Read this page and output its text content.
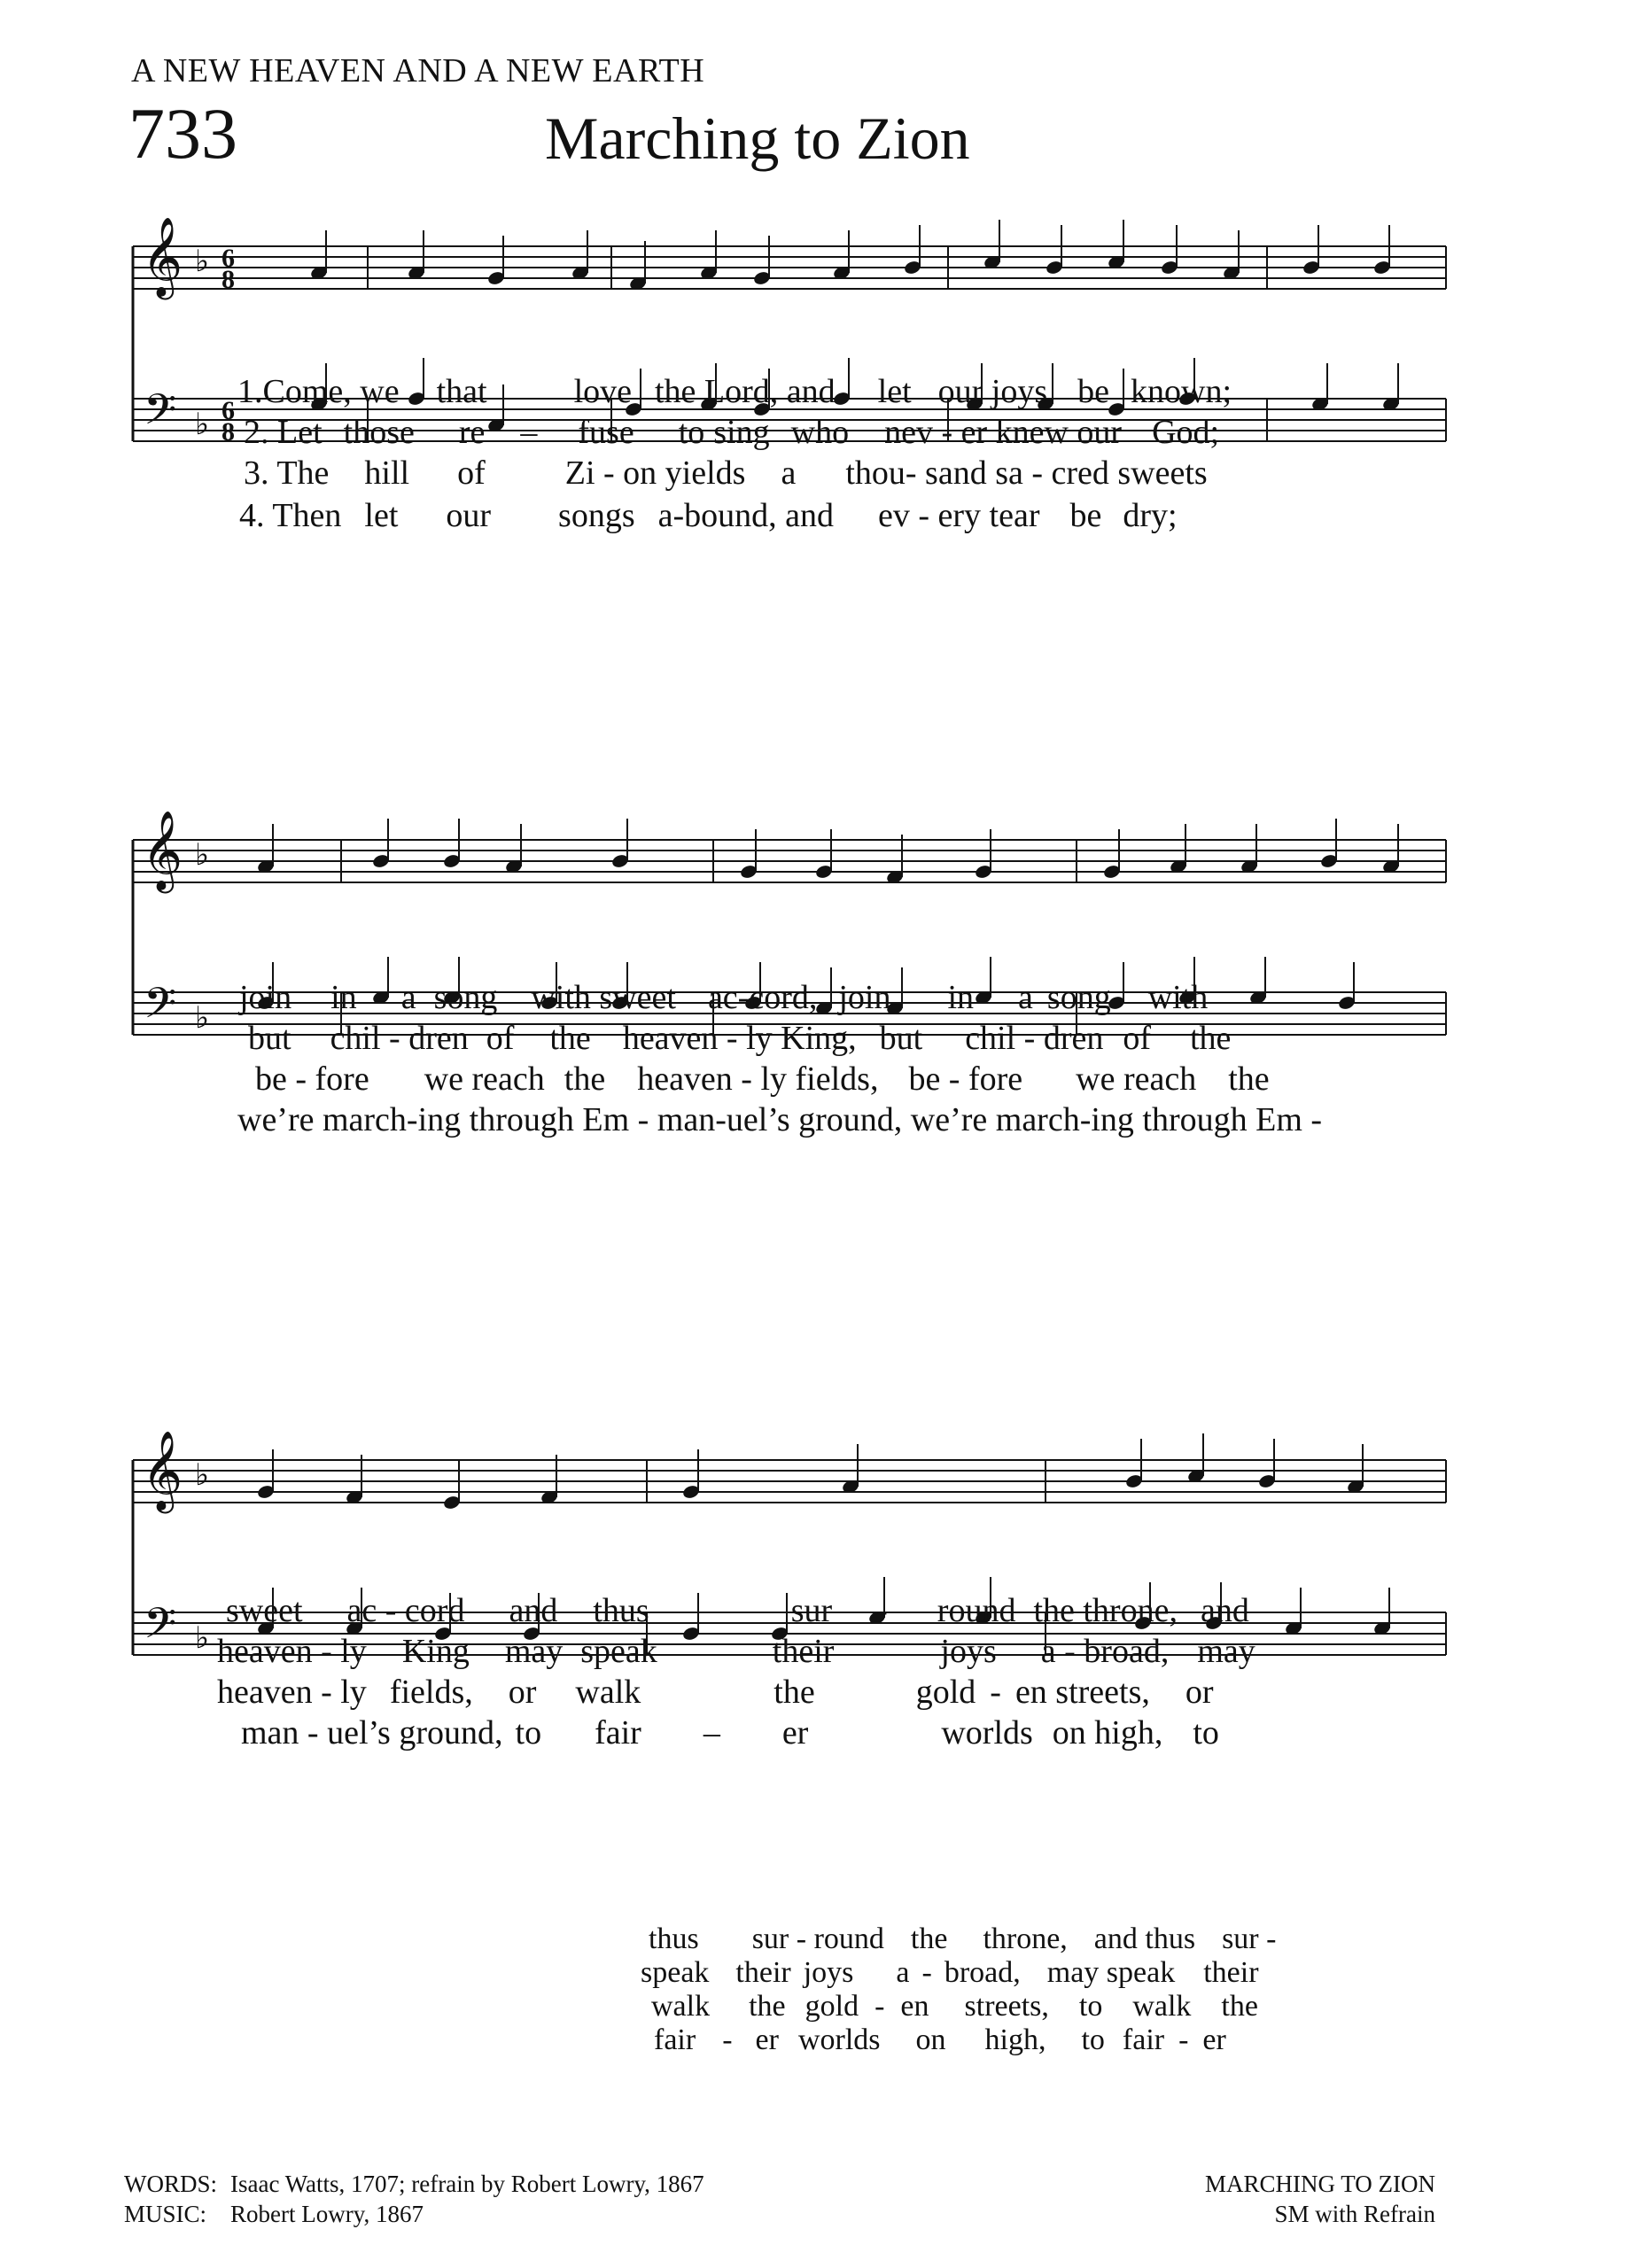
A NEW HEAVEN AND A NEW EARTH
733	Marching to Zion
𝄞
𝄢
♭
♭
6
8
6
8
1.Come, we that	love the Lord, and let our joys be known;
2. Let those re – fuse to sing who nev - er knew our God;
3. The hill of Zi - on yields a thou- sand sa - cred sweets
4. Then let our songs a-bound, and ev - ery tear be dry;
𝄞
𝄢
♭
♭
join in a song with sweet ac-cord, join in a song with
but chil - dren of the heaven - ly King, but chil - dren of the
be - fore we reach the heaven - ly fields, be - fore we reach the
we’re march-ing through Em - man-uel’s ground, we’re march-ing through Em -
𝄞
𝄢
♭
♭
sweet ac - cord and thus	sur - round the throne, and
heaven - ly King may speak	their	joys a - broad, may
heaven - ly fields, or walk	the	gold - en streets, or
man - uel’s ground, to fair – er	worlds on high, to
thus sur - round the throne, and thus sur -
speak their joys a - broad, may speak their
walk the gold - en streets, to walk the
fair - er worlds on high, to fair - er
WORDS: Isaac Watts, 1707; refrain by Robert Lowry, 1867
MUSIC: Robert Lowry, 1867
MARCHING TO ZION
SM with Refrain
